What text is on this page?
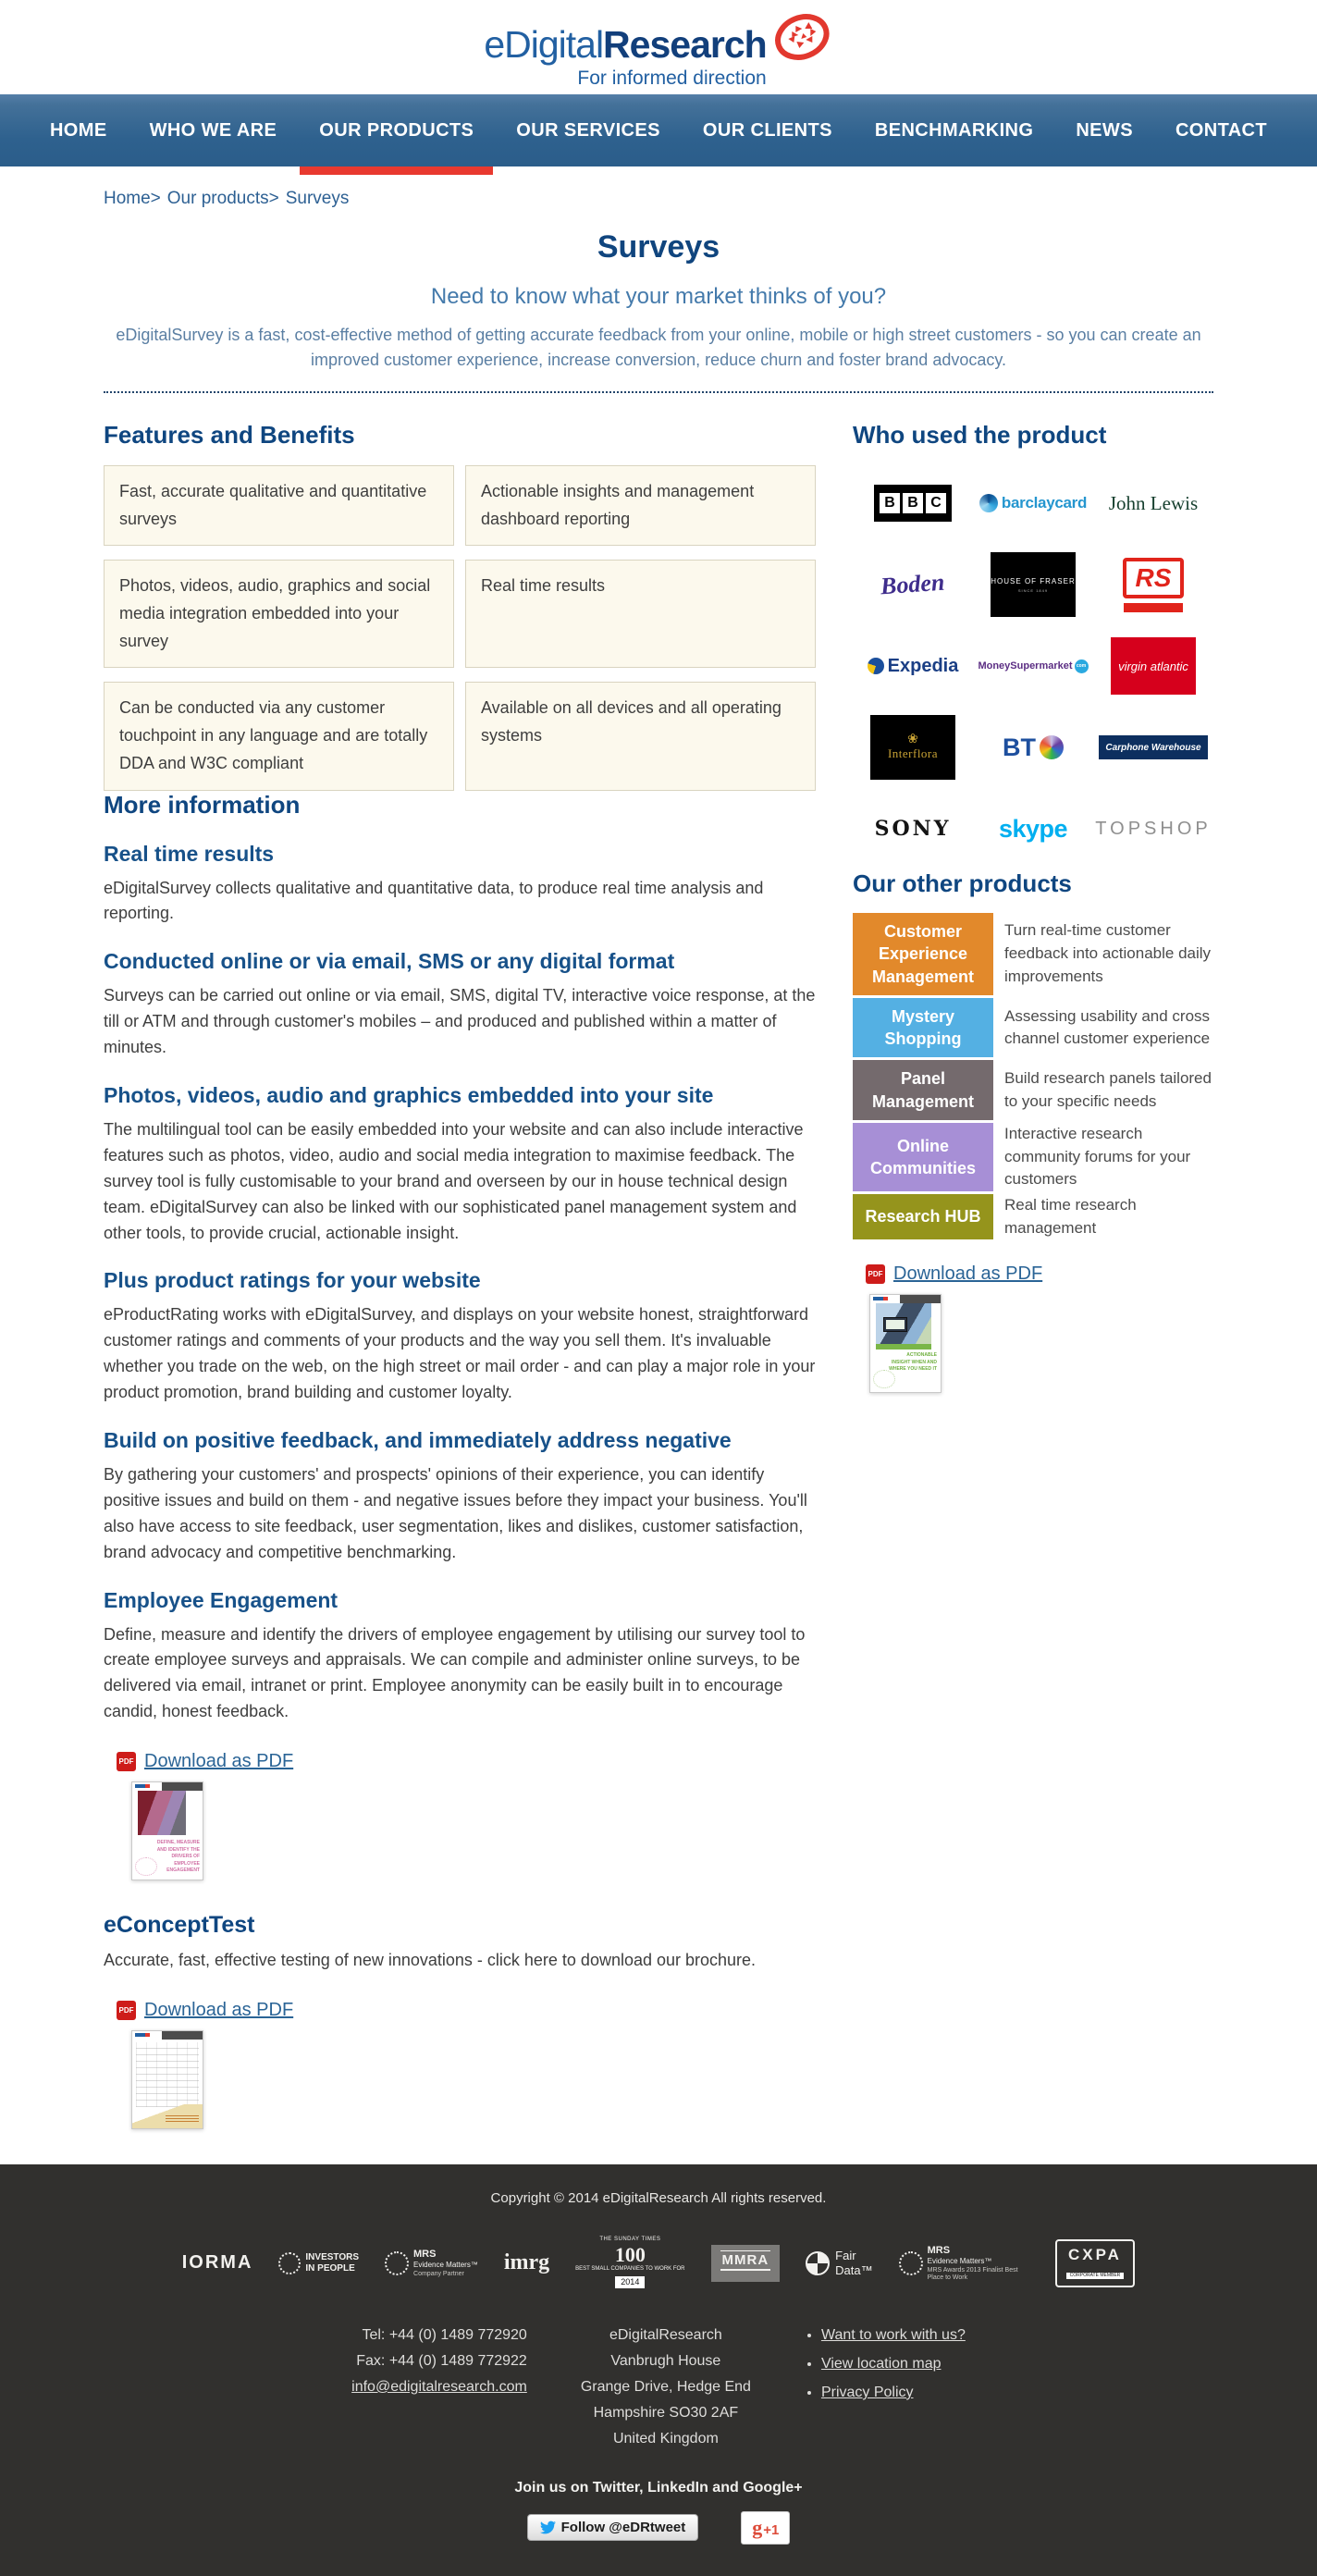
eDigitalResearch
For informed direction
HOME WHO WE ARE OUR PRODUCTS OUR SERVICES OUR CLIENTS BENCHMARKING NEWS CONTACT
Home> Our products> Surveys
Surveys
Need to know what your market thinks of you?

eDigitalSurvey is a fast, cost-effective method of getting accurate feedback from your online, mobile or high street customers - so you can create an improved customer experience, increase conversion, reduce churn and foster brand advocacy.

Features and Benefits
Fast, accurate qualitative and quantitative surveys
Actionable insights and management dashboard reporting
Photos, videos, audio, graphics and social media integration embedded into your survey
Real time results
Can be conducted via any customer touchpoint in any language and are totally DDA and W3C compliant
Available on all devices and all operating systems
More information
Real time results

eDigitalSurvey collects qualitative and quantitative data, to produce real time analysis and reporting.

Conducted online or via email, SMS or any digital format

Surveys can be carried out online or via email, SMS, digital TV, interactive voice response, at the till or ATM and through customer's mobiles – and produced and published within a matter of minutes.

Photos, videos, audio and graphics embedded into your site

The multilingual tool can be easily embedded into your website and can also include interactive features such as photos, video, audio and social media integration to maximise feedback. The survey tool is fully customisable to your brand and overseen by our in house technical design team. eDigitalSurvey can also be linked with our sophisticated panel management system and other tools, to provide crucial, actionable insight.

Plus product ratings for your website

eProductRating works with eDigitalSurvey, and displays on your website honest, straightforward customer ratings and comments of your products and the way you sell them. It's invaluable whether you trade on the web, on the high street or mail order - and can play a major role in your product promotion, brand building and customer loyalty.

Build on positive feedback, and immediately address negative

By gathering your customers' and prospects' opinions of their experience, you can identify positive issues and build on them - and negative issues before they impact your business. You'll also have access to site feedback, user segmentation, likes and dislikes, customer satisfaction, brand advocacy and competitive benchmarking.

Employee Engagement

Define, measure and identify the drivers of employee engagement by utilising our survey tool to create employee surveys and appraisals. We can compile and administer online surveys, to be delivered via email, intranet or print. Employee anonymity can be easily built in to encourage candid, honest feedback.

PDF Download as PDF
DEFINE, MEASURE AND IDENTIFY THE DRIVERS OF EMPLOYEE ENGAGEMENT
eConceptTest

Accurate, fast, effective testing of new innovations - click here to download our brochure.

PDF Download as PDF
Who used the product
B B C	barclaycard John Lewis
Boden	HOUSE OF FRASER
SINCE 1849	RS
Expedia MoneySupermarket com	virgin atlantic
❀
Interflora	BT	Carphone Warehouse
SONY skype TOPSHOP
Our other products
Customer Experience Management
Turn real-time customer feedback into actionable daily improvements
Mystery Shopping
Assessing usability and cross channel customer experience
Panel Management
Build research panels tailored to your specific needs
Online Communities
Interactive research community forums for your customers
Research HUB
Real time research management
PDF Download as PDF
ACTIONABLE INSIGHT WHEN AND WHERE YOU NEED IT
Copyright © 2014 eDigitalResearch All rights reserved.
IORMA	INVESTORS
IN PEOPLE
MRS
Evidence Matters™
Company Partner	imrg
THE SUNDAY TIMES
100
BEST SMALL COMPANIES TO WORK FOR
2014
MMRA
	Fair
Data™
MRS
Evidence Matters™
MRS Awards 2013 Finalist Best Place to Work
CXPA
CORPORATE MEMBER
Tel: +44 (0) 1489 772920
Fax: +44 (0) 1489 772922
info@edigitalresearch.com
eDigitalResearch
Vanbrugh House
Grange Drive, Hedge End
Hampshire SO30 2AF
United Kingdom
• Want to work with us?
• View location map
• Privacy Policy
Join us on Twitter, LinkedIn and Google+
Follow @eDRtweet	g +1
